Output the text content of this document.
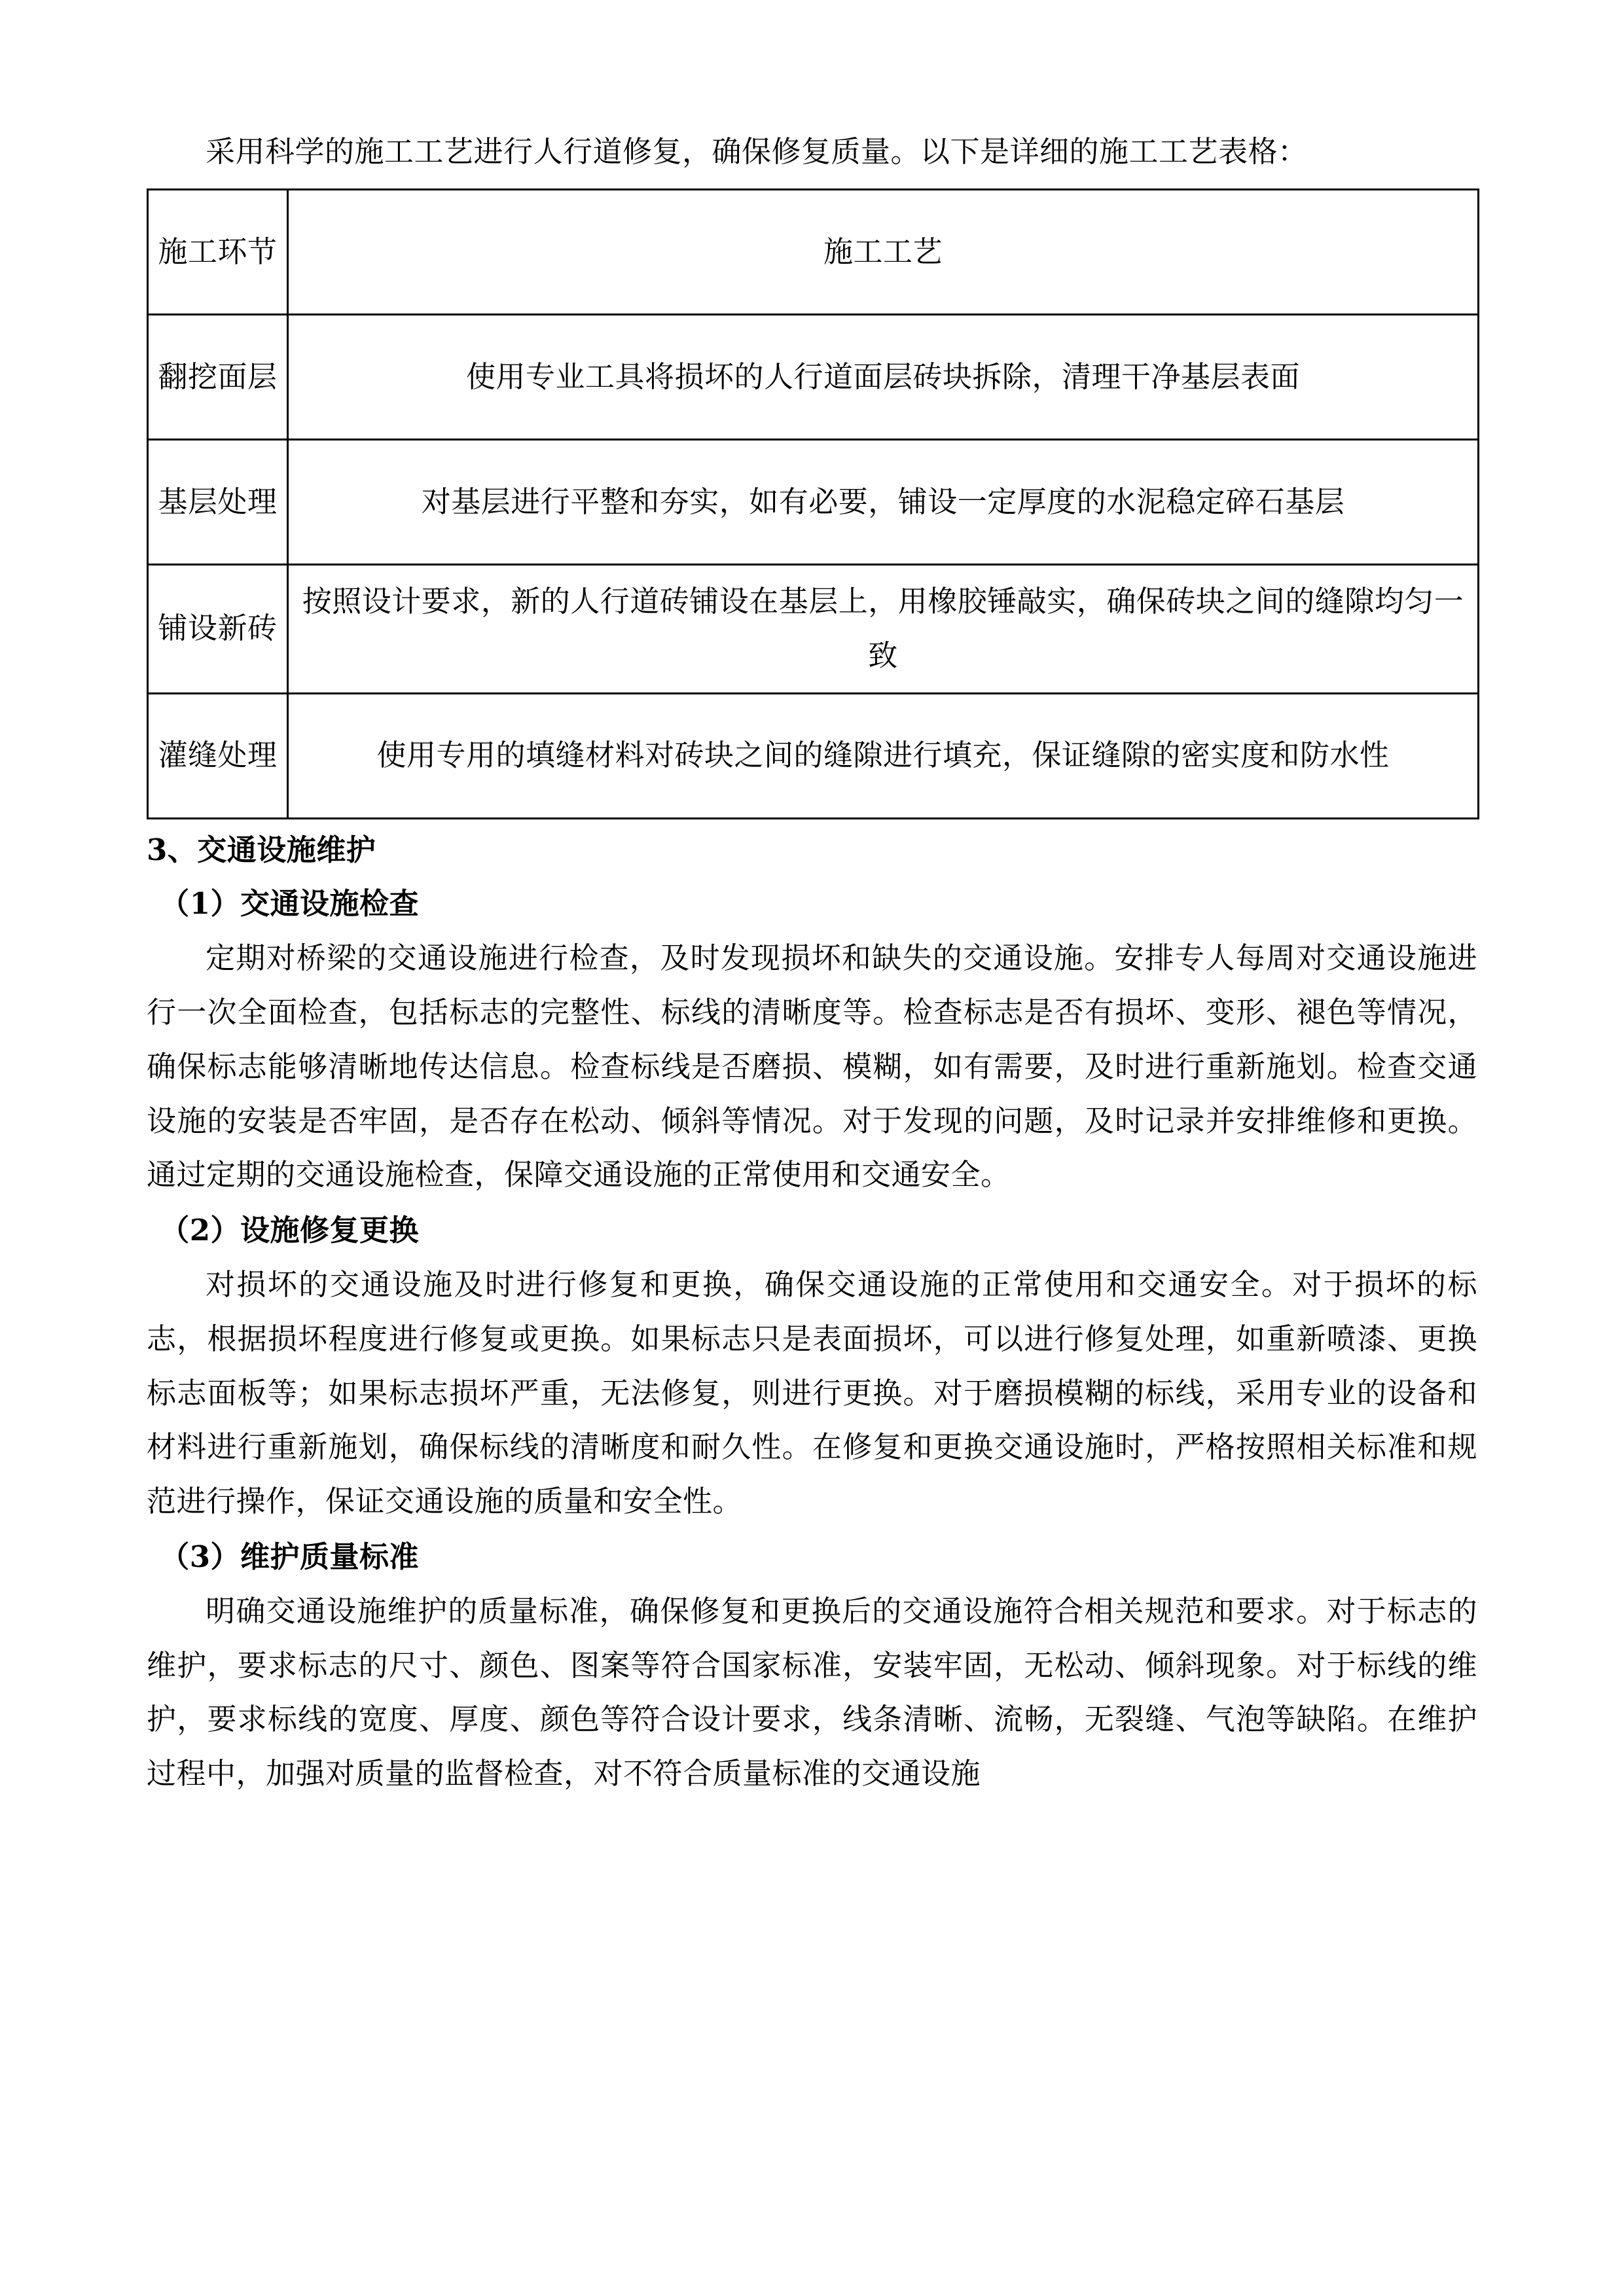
采用科学的施工工艺进行人行道修复，确保修复质量。以下是详细的施工工艺表格：

施工环节	施工工艺
翻挖面层	使用专业工具将损坏的人行道面层砖块拆除，清理干净基层表面
基层处理	对基层进行平整和夯实，如有必要，铺设一定厚度的水泥稳定碎石基层
铺设新砖	按照设计要求，新的人行道砖铺设在基层上，用橡胶锤敲实，确保砖块之间的缝隙均匀一致
灌缝处理	使用专用的填缝材料对砖块之间的缝隙进行填充，保证缝隙的密实度和防水性

3、交通设施维护

（1）交通设施检查

定期对桥梁的交通设施进行检查，及时发现损坏和缺失的交通设施。安排专人每周对交通设施进行一次全面检查，包括标志的完整性、标线的清晰度等。检查标志是否有损坏、变形、褪色等情况，确保标志能够清晰地传达信息。检查标线是否磨损、模糊，如有需要，及时进行重新施划。检查交通设施的安装是否牢固，是否存在松动、倾斜等情况。对于发现的问题，及时记录并安排维修和更换。通过定期的交通设施检查，保障交通设施的正常使用和交通安全。

（2）设施修复更换

对损坏的交通设施及时进行修复和更换，确保交通设施的正常使用和交通安全。对于损坏的标志，根据损坏程度进行修复或更换。如果标志只是表面损坏，可以进行修复处理，如重新喷漆、更换标志面板等；如果标志损坏严重，无法修复，则进行更换。对于磨损模糊的标线，采用专业的设备和材料进行重新施划，确保标线的清晰度和耐久性。在修复和更换交通设施时，严格按照相关标准和规范进行操作，保证交通设施的质量和安全性。

（3）维护质量标准

明确交通设施维护的质量标准，确保修复和更换后的交通设施符合相关规范和要求。对于标志的维护，要求标志的尺寸、颜色、图案等符合国家标准，安装牢固，无松动、倾斜现象。对于标线的维护，要求标线的宽度、厚度、颜色等符合设计要求，线条清晰、流畅，无裂缝、气泡等缺陷。在维护过程中，加强对质量的监督检查，对不符合质量标准的交通设施
